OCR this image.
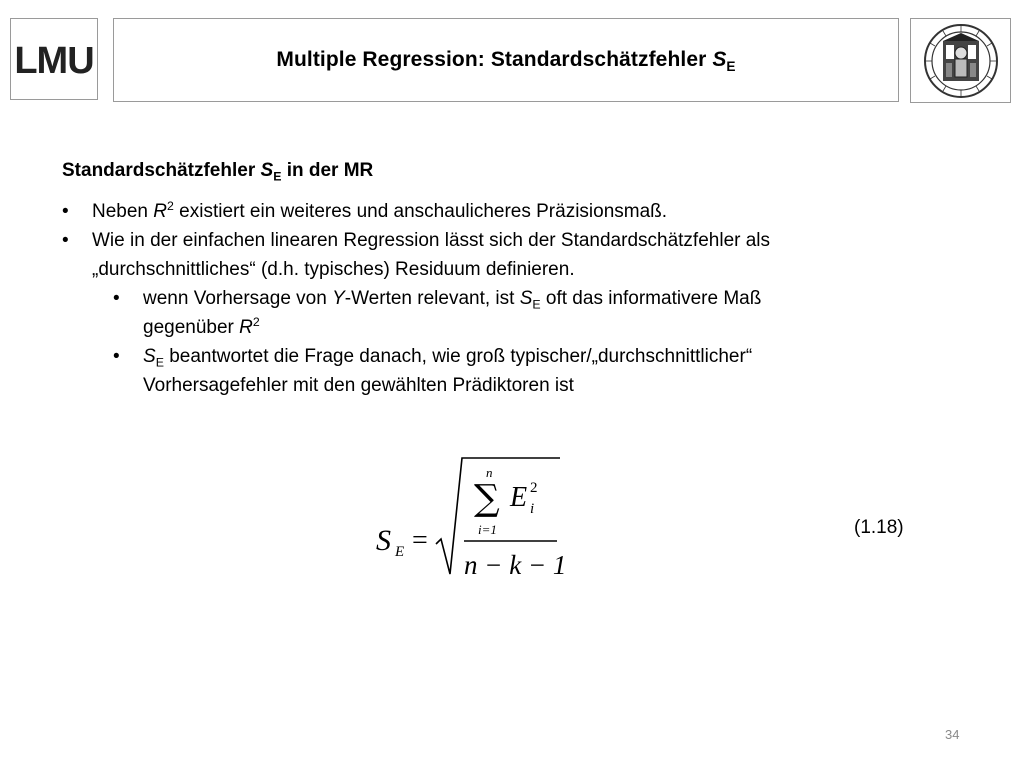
LMU	Multiple Regression: Standardschätzfehler $S_E$
Standardschätzfehler $S_E$ in der MR
• Neben $R^2$ existiert ein weiteres und anschaulicheres Präzisionsmaß.
• Wie in der einfachen linearen Regression lässt sich der Standardschätzfehler als
„durchschnittliches“ (d.h. typisches) Residuum definieren.
• wenn Vorhersage von Y-Werten relevant, ist $S_E$ oft das informativere Maß
gegenüber $R^2$
• $S_E$ beantwortet die Frage danach, wie groß typischer/„durchschnittlicher“
Vorhersagefehler mit den gewählten Prädiktoren ist
S E =
n
∑
i=1
E 2
i
n − k − 1
(1.18)
34
